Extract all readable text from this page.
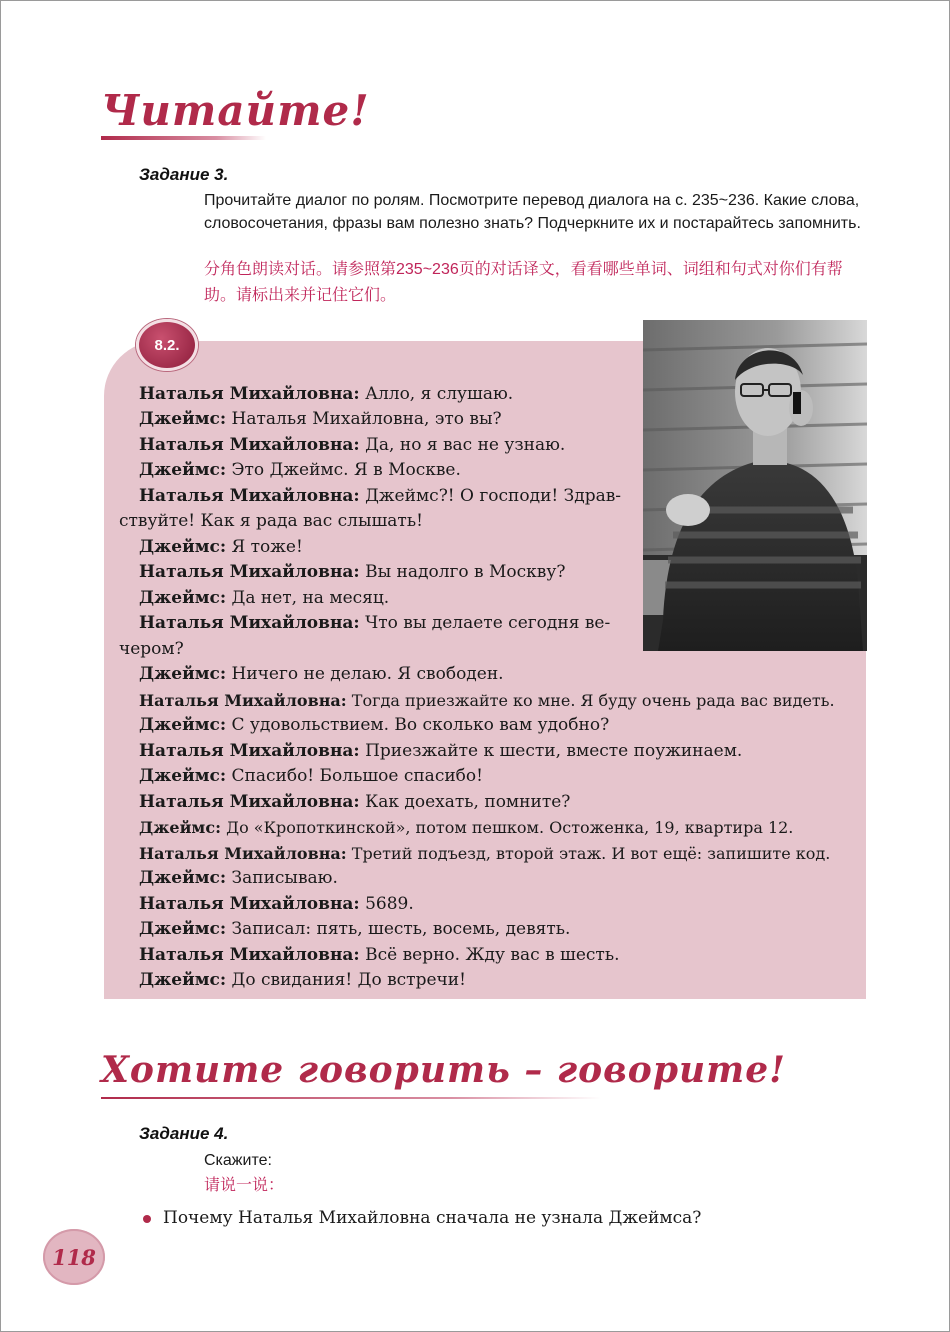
Читайте!
Задание 3.
Прочитайте диалог по ролям. Посмотрите перевод диалога на с. 235~236. Какие слова, словосочетания, фразы вам полезно знать? Подчеркните их и постарайтесь запомнить.
分角色朗读对话。请参照第235~236页的对话译文，看看哪些单词、词组和句式对你们有帮助。请标出来并记住它们。
8.2.
Наталья Михайловна: Алло, я слушаю.
Джеймс: Наталья Михайловна, это вы?
Наталья Михайловна: Да, но я вас не узнаю.
Джеймс: Это Джеймс. Я в Москве.
Наталья Михайловна: Джеймс?! О господи! Здрав-
ствуйте! Как я рада вас слышать!
Джеймс: Я тоже!
Наталья Михайловна: Вы надолго в Москву?
Джеймс: Да нет, на месяц.
Наталья Михайловна: Что вы делаете сегодня ве-
чером?
Джеймс: Ничего не делаю. Я свободен.
Наталья Михайловна: Тогда приезжайте ко мне. Я буду очень рада вас видеть.
Джеймс: С удовольствием. Во сколько вам удобно?
Наталья Михайловна: Приезжайте к шести, вместе поужинаем.
Джеймс: Спасибо! Большое спасибо!
Наталья Михайловна: Как доехать, помните?
Джеймс: До «Кропоткинской», потом пешком. Остоженка, 19, квартира 12.
Наталья Михайловна: Третий подъезд, второй этаж. И вот ещё: запишите код.
Джеймс: Записываю.
Наталья Михайловна: 5689.
Джеймс: Записал: пять, шесть, восемь, девять.
Наталья Михайловна: Всё верно. Жду вас в шесть.
Джеймс: До свидания! До встречи!
Хотите говорить – говорите!
Задание 4.
Скажите:
请说一说：
Почему Наталья Михайловна сначала не узнала Джеймса?
118
